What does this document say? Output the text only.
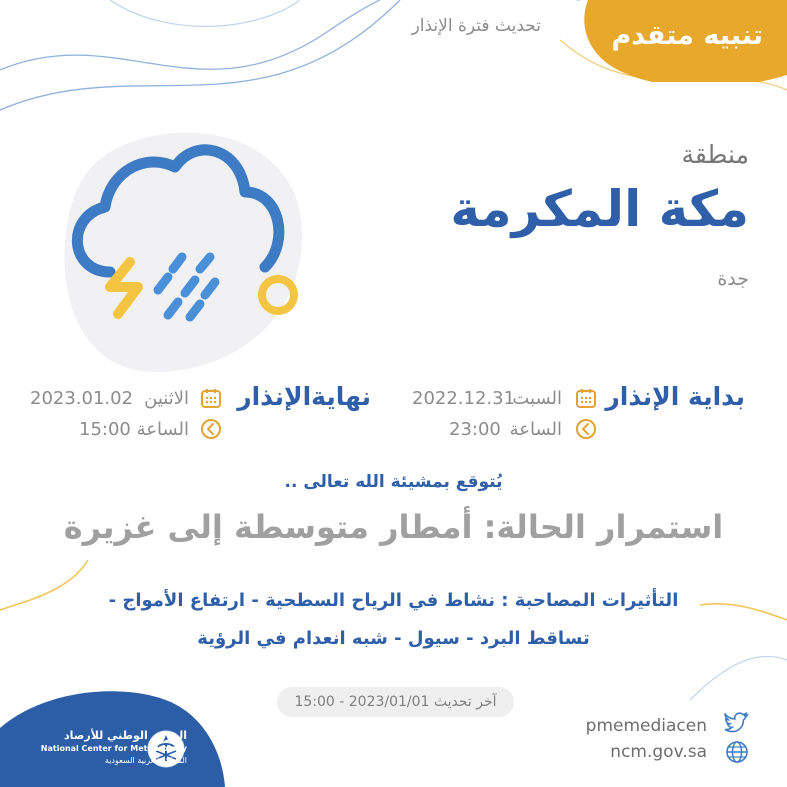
تنبيه متقدم
تحديث فترة الإنذار
منطقة
مكة المكرمة
جدة
بداية الإنذار
السبت
2022.12.31
الساعة
23:00
نهايةالإنذار
الاثنين
2023.01.02
الساعة
15:00
يُتوقع بمشيئة الله تعالى ..
استمرار الحالة: أمطار متوسطة إلى غزيرة
التأثيرات المصاحبة : نشاط في الرياح السطحية - ارتفاع الأمواج -
تساقط البرد - سيول - شبه انعدام في الرؤية
آخر تحديث 2023/01/01 - 15:00
المركز الوطني للأرصاد
National Center for Meteorology
المملكة العربية السعودية
pmemediacen
ncm.gov.sa
